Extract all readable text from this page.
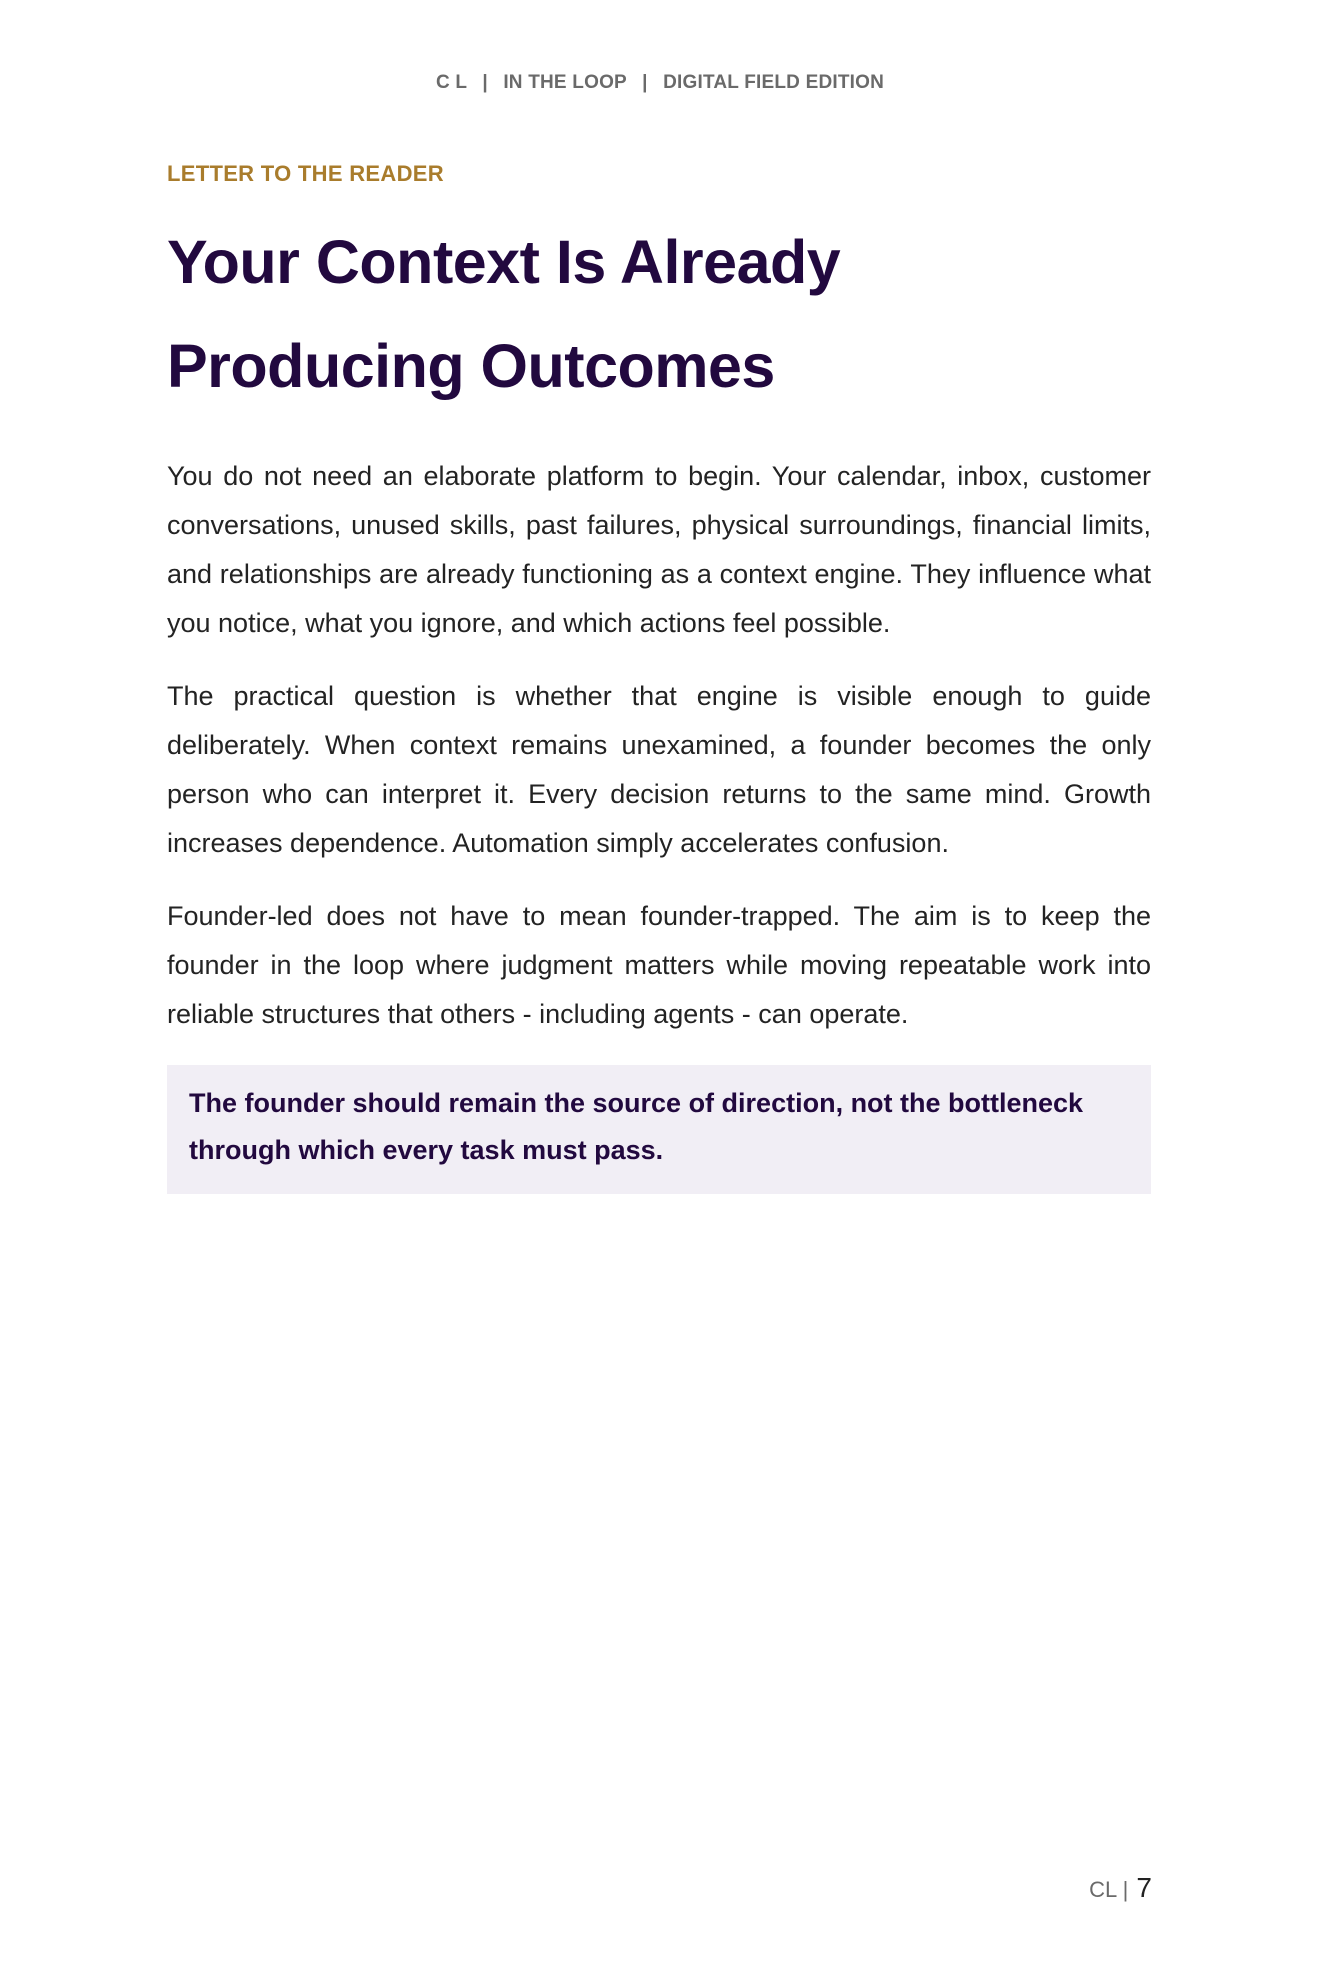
C L | IN THE LOOP | DIGITAL FIELD EDITION

LETTER TO THE READER

Your Context Is Already Producing Outcomes

You do not need an elaborate platform to begin. Your calendar, inbox, customer conversations, unused skills, past failures, physical surroundings, financial limits, and relationships are already functioning as a context engine. They influence what you notice, what you ignore, and which actions feel possible.

The practical question is whether that engine is visible enough to guide deliberately. When context remains unexamined, a founder becomes the only person who can interpret it. Every decision returns to the same mind. Growth increases dependence. Automation simply accelerates confusion.

Founder-led does not have to mean founder-trapped. The aim is to keep the founder in the loop where judgment matters while moving repeatable work into reliable structures that others - including agents - can operate.

The founder should remain the source of direction, not the bottleneck through which every task must pass.
CL | 7
